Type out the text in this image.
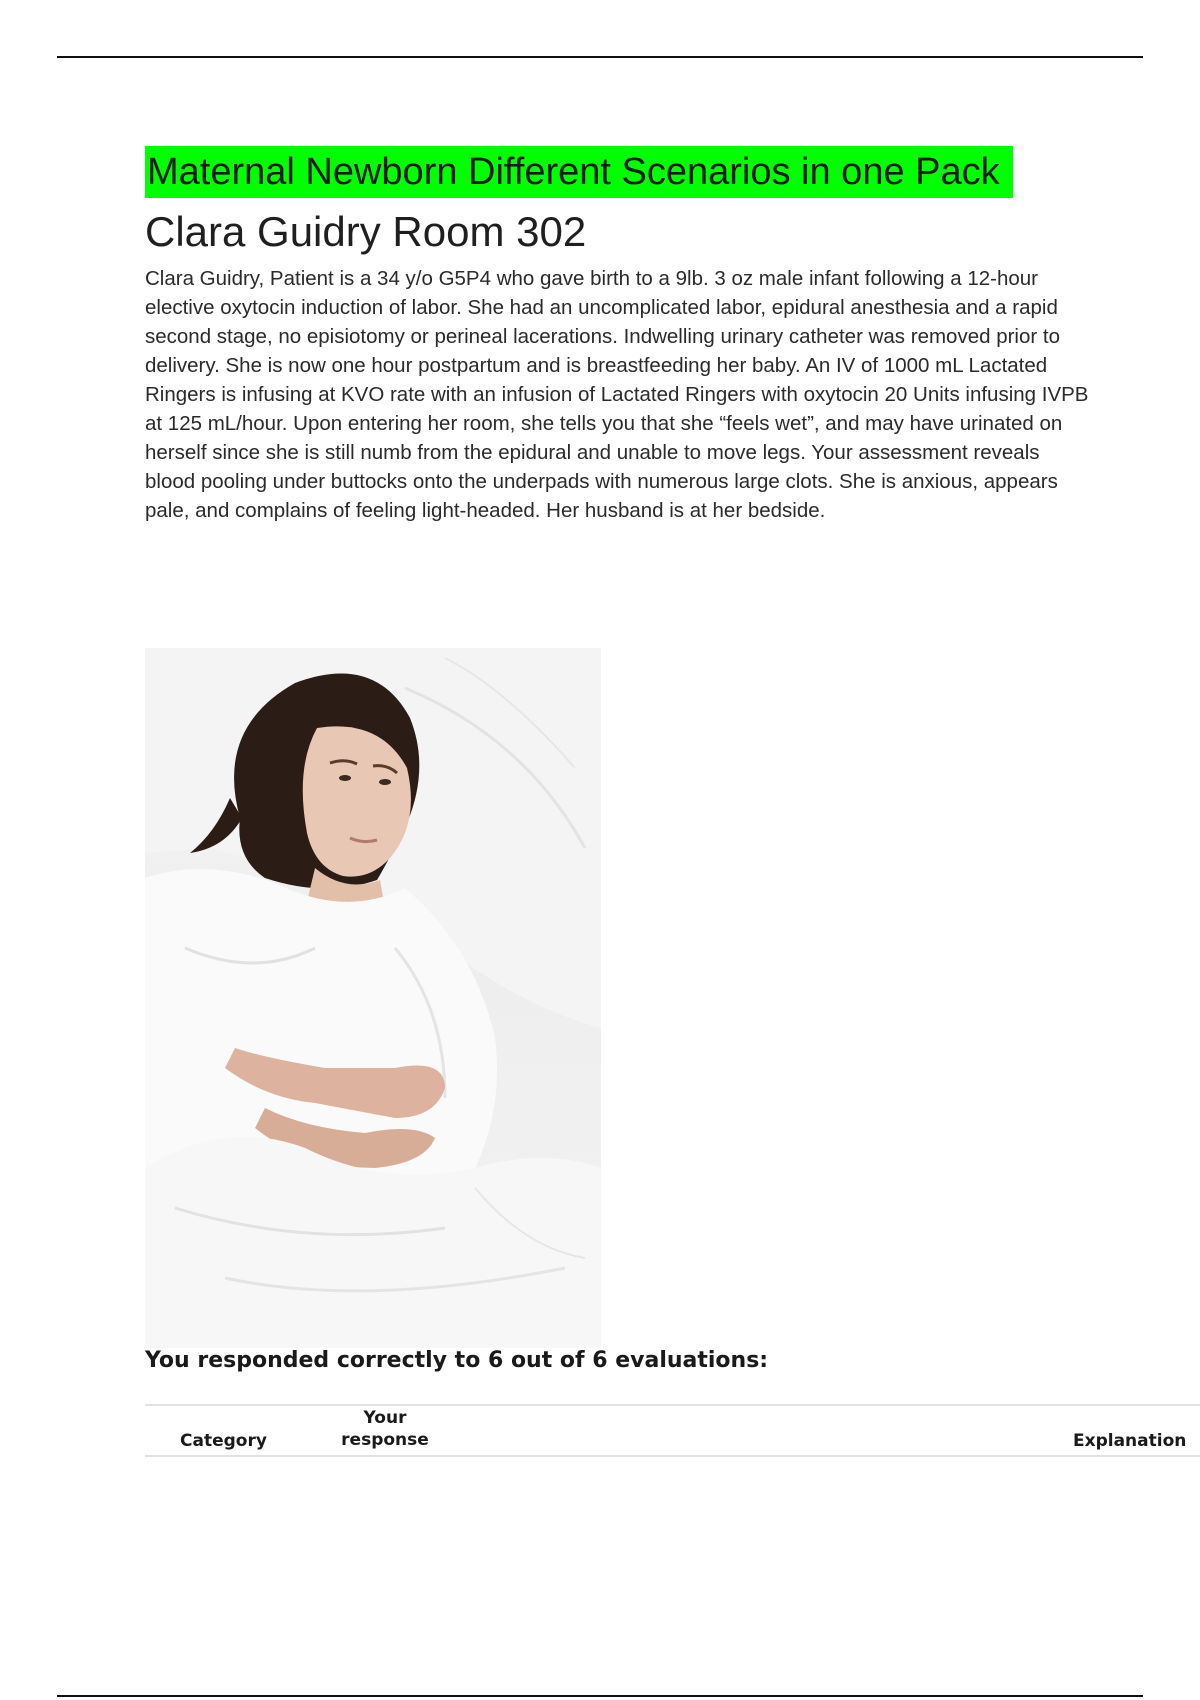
Maternal Newborn Different Scenarios in one Pack
Clara Guidry Room 302

Clara Guidry, Patient is a 34 y/o G5P4 who gave birth to a 9lb. 3 oz male infant following a 12-hour elective oxytocin induction of labor. She had an uncomplicated labor, epidural anesthesia and a rapid second stage, no episiotomy or perineal lacerations. Indwelling urinary catheter was removed prior to delivery. She is now one hour postpartum and is breastfeeding her baby. An IV of 1000 mL Lactated Ringers is infusing at KVO rate with an infusion of Lactated Ringers with oxytocin 20 Units infusing IVPB at 125 mL/hour. Upon entering her room, she tells you that she “feels wet”, and may have urinated on herself since she is still numb from the epidural and unable to move legs. Your assessment reveals blood pooling under buttocks onto the underpads with numerous large clots. She is anxious, appears pale, and complains of feeling light-headed. Her husband is at her bedside.

You responded correctly to 6 out of 6 evaluations:
Category
Your
response	Explanation
